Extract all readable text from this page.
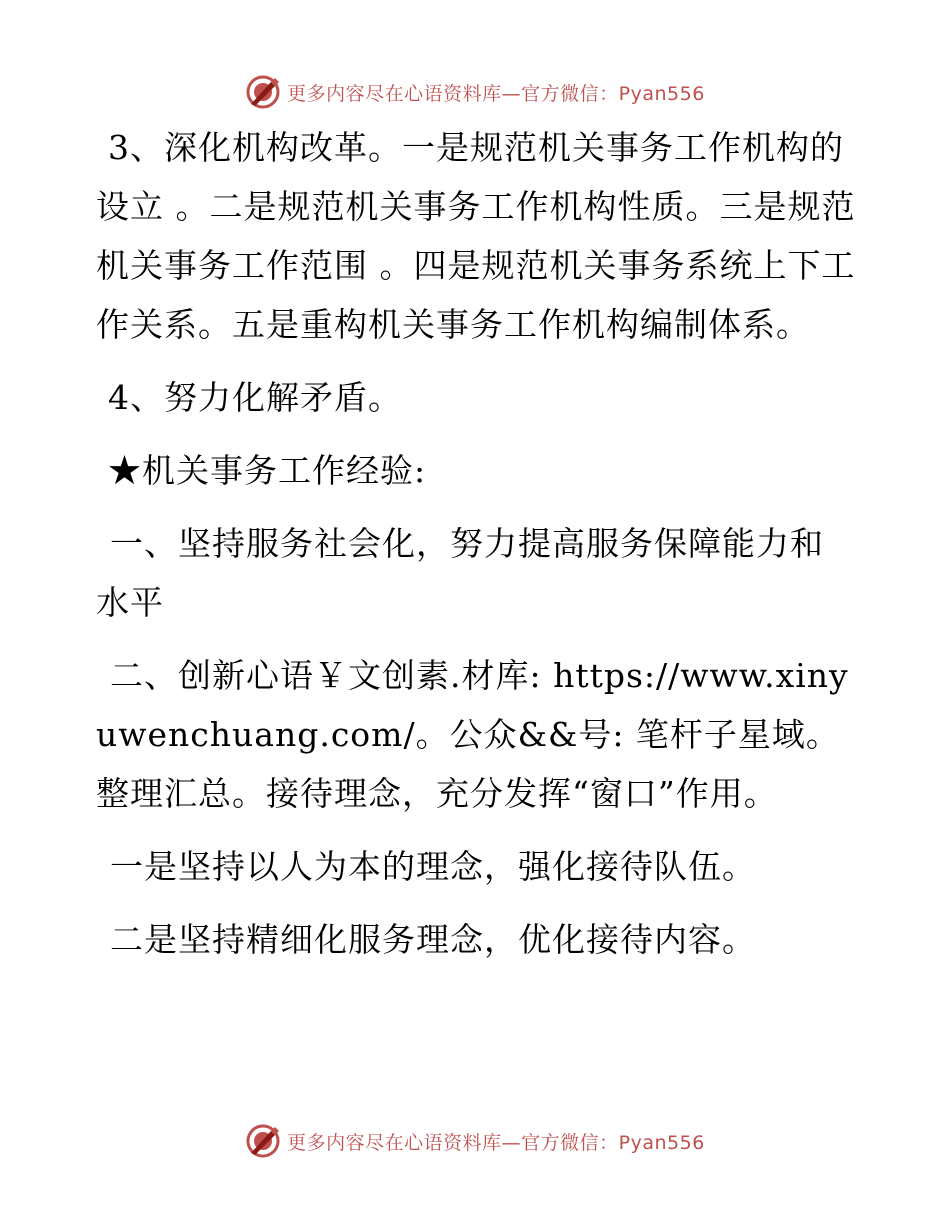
更多内容尽在心语资料库—官方微信：Pyan556

3、深化机构改革。一是规范机关事务工作机构的设立 。二是规范机关事务工作机构性质。三是规范机关事务工作范围 。四是规范机关事务系统上下工作关系。五是重构机关事务工作机构编制体系。

4、努力化解矛盾。

★机关事务工作经验:

一、坚持服务社会化，努力提高服务保障能力和水平

二、创新心语￥文创素.材库: https://www.xinyuwenchuang.com/。公众&&号: 笔杆子星域。整理汇总。接待理念，充分发挥“窗口”作用。

一是坚持以人为本的理念，强化接待队伍。

二是坚持精细化服务理念，优化接待内容。

更多内容尽在心语资料库—官方微信：Pyan556
